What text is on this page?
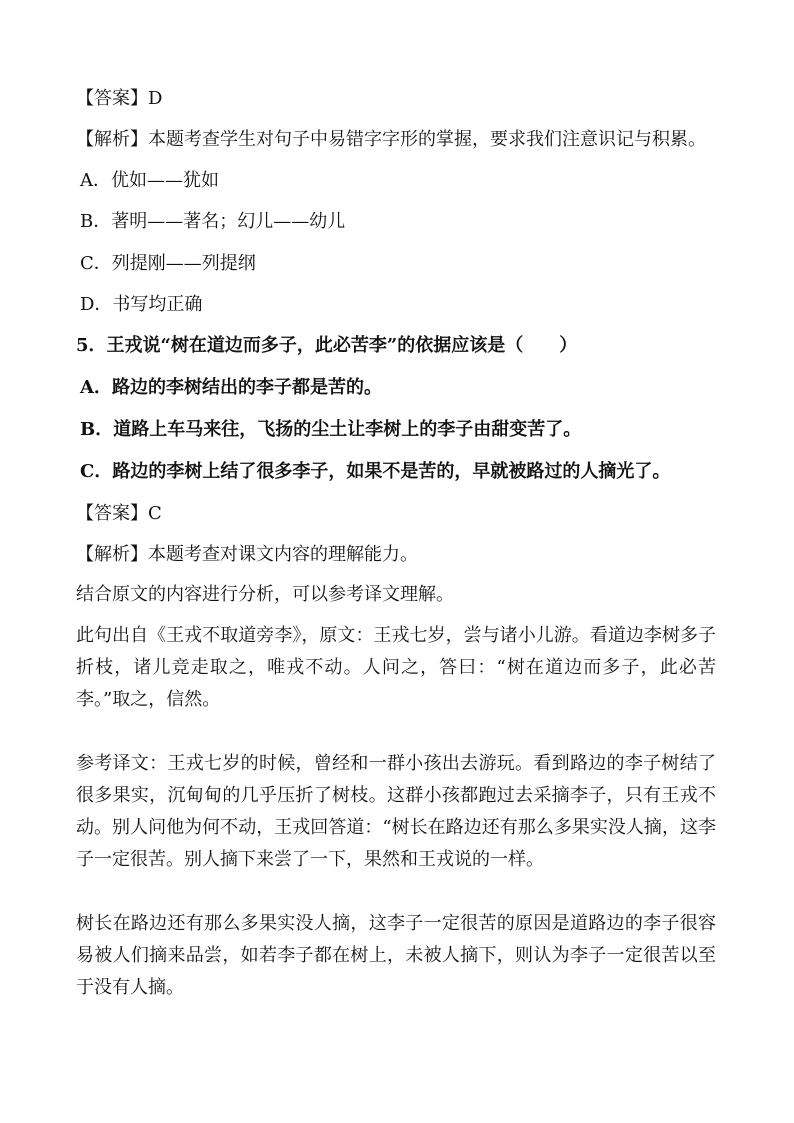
【答案】D
【解析】本题考查学生对句子中易错字字形的掌握，要求我们注意识记与积累。
A．优如——犹如
B．著明——著名；幻儿——幼儿
C．列提刚——列提纲
D．书写均正确
5．王戎说“树在道边而多子，此必苦李”的依据应该是（　　）
A．路边的李树结出的李子都是苦的。
B．道路上车马来往，飞扬的尘土让李树上的李子由甜变苦了。
C．路边的李树上结了很多李子，如果不是苦的，早就被路过的人摘光了。
【答案】C
【解析】本题考查对课文内容的理解能力。
结合原文的内容进行分析，可以参考译文理解。
此句出自《王戎不取道旁李》，原文：王戎七岁，尝与诸小儿游。看道边李树多子折枝，诸儿竞走取之，唯戎不动。人问之，答曰：“树在道边而多子，此必苦李。”取之，信然。
参考译文：王戎七岁的时候，曾经和一群小孩出去游玩。看到路边的李子树结了很多果实，沉甸甸的几乎压折了树枝。这群小孩都跑过去采摘李子，只有王戎不动。别人问他为何不动，王戎回答道：“树长在路边还有那么多果实没人摘，这李子一定很苦。别人摘下来尝了一下，果然和王戎说的一样。
树长在路边还有那么多果实没人摘，这李子一定很苦的原因是道路边的李子很容易被人们摘来品尝，如若李子都在树上，未被人摘下，则认为李子一定很苦以至于没有人摘。
